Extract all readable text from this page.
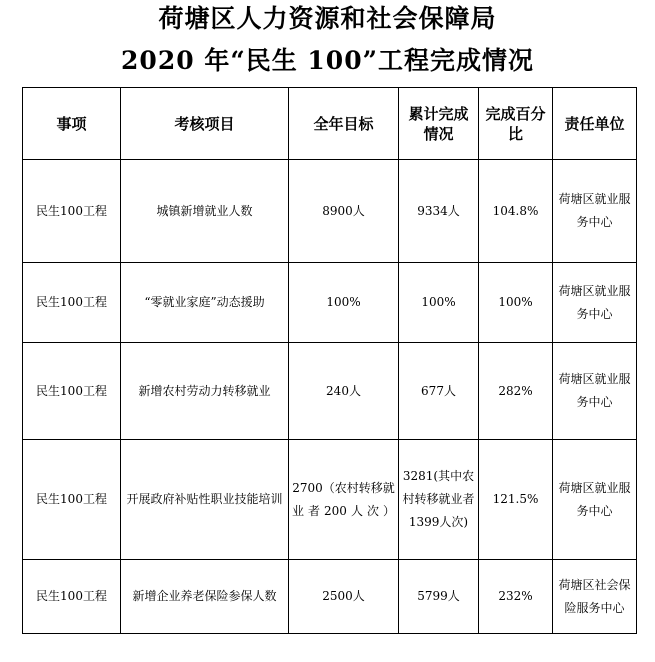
荷塘区人力资源和社会保障局
2020 年“民生 100”工程完成情况
事项	考核项目	全年目标	累计完成情况	完成百分比	责任单位
民生100工程	城镇新增就业人数	8900人	9334人	104.8%	荷塘区就业服务中心
民生100工程	“零就业家庭”动态援助	100%	100%	100%	荷塘区就业服务中心
民生100工程	新增农村劳动力转移就业	240人	677人	282%	荷塘区就业服务中心
民生100工程	开展政府补贴性职业技能培训	2700（农村转移就业者200人次）	3281(其中农村转移就业者1399人次)	121.5%	荷塘区就业服务中心
民生100工程	新增企业养老保险参保人数	2500人	5799人	232%	荷塘区社会保险服务中心
